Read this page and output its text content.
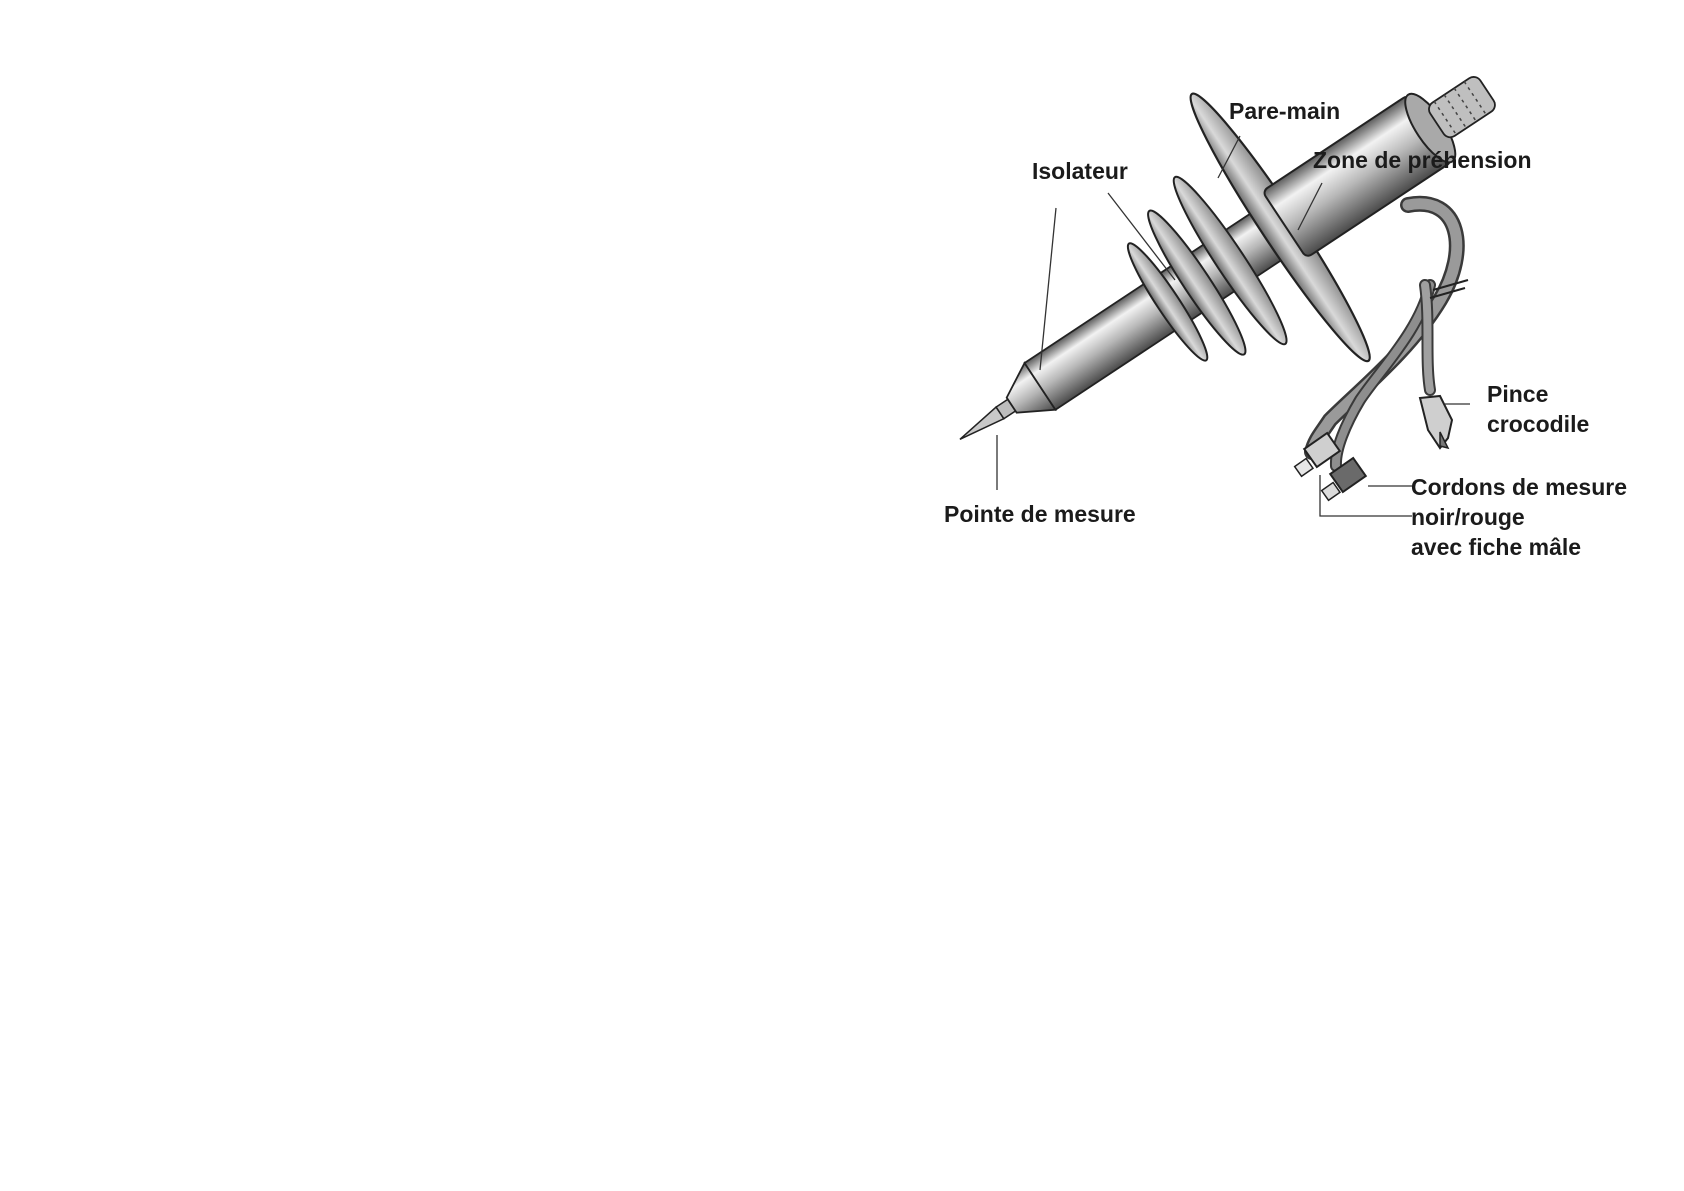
Pare-main
Zone de préhension
Isolateur
Pince
crocodile
Cordons de mesure
noir/rouge
avec fiche mâle
Pointe de mesure
